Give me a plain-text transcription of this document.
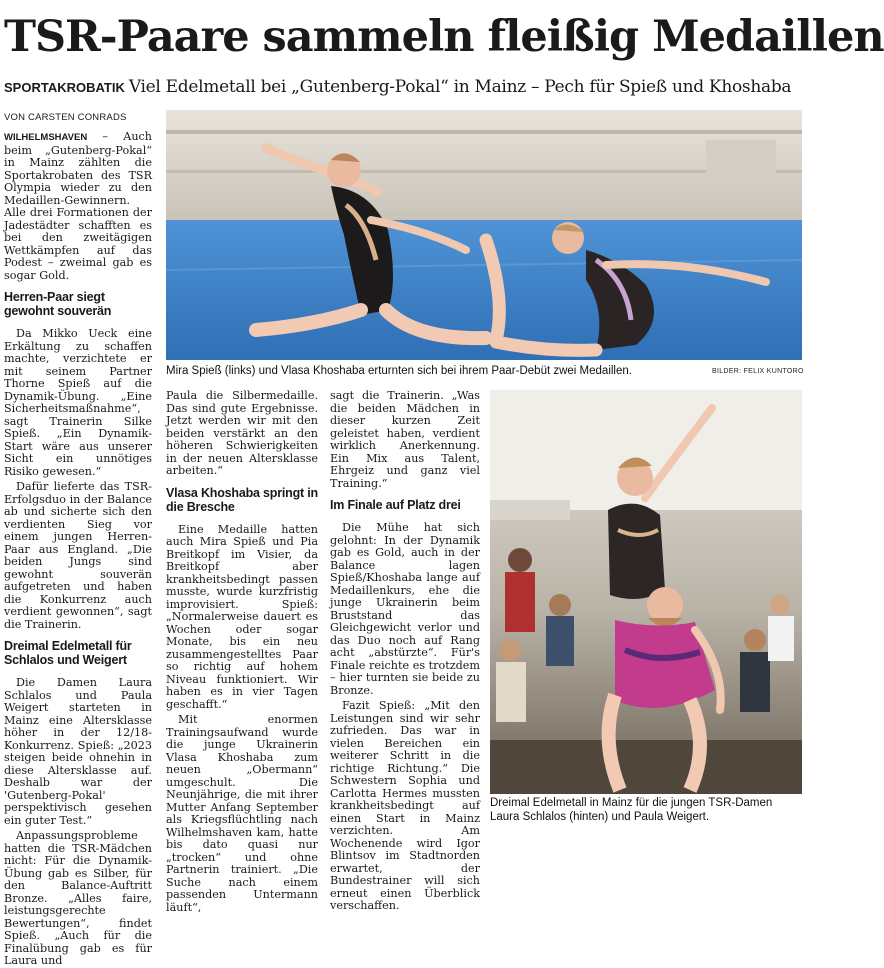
TSR-Paare sammeln fleißig Medaillen
SPORTAKROBATIK Viel Edelmetall bei „Gutenberg-Pokal“ in Mainz – Pech für Spieß und Khoshaba
VON CARSTEN CONRADS

WILHELMSHAVEN – Auch beim „Gutenberg-Pokal“ in Mainz zählten die Sportakrobaten des TSR Olympia wieder zu den Medaillen-Gewinnern. Alle drei Formationen der Jadestädter schafften es bei den zweitägigen Wettkämpfen auf das Podest – zweimal gab es sogar Gold.

Herren-Paar siegt gewohnt souverän

Da Mikko Ueck eine Erkältung zu schaffen machte, verzichtete er mit seinem Partner Thorne Spieß auf die Dynamik-Übung. „Eine Sicherheitsmaßnahme“, sagt Trainerin Silke Spieß. „Ein Dynamik-Start wäre aus unserer Sicht ein unnötiges Risiko gewesen.“

Dafür lieferte das TSR-Erfolgsduo in der Balance ab und sicherte sich den verdienten Sieg vor einem jungen Herren-Paar aus England. „Die beiden Jungs sind gewohnt souverän aufgetreten und haben die Konkurrenz auch verdient gewonnen“, sagt die Trainerin.

Dreimal Edelmetall für Schlalos und Weigert

Die Damen Laura Schlalos und Paula Weigert starteten in Mainz eine Altersklasse höher in der 12/18-Konkurrenz. Spieß: „2023 steigen beide ohnehin in diese Altersklasse auf. Deshalb war der 'Gutenberg-Pokal' perspektivisch gesehen ein guter Test.“

Anpassungsprobleme hatten die TSR-Mädchen nicht: Für die Dynamik-Übung gab es Silber, für den Balance-Auftritt Bronze. „Alles faire, leistungsgerechte Bewertungen“, findet Spieß. „Auch für die Finalübung gab es für Laura und

Mira Spieß (links) und Vlasa Khoshaba erturnten sich bei ihrem Paar-Debüt zwei Medaillen.	BILDER: FELIX KUNTORO

Paula die Silbermedaille. Das sind gute Ergebnisse. Jetzt werden wir mit den beiden verstärkt an den höheren Schwierigkeiten in der neuen Altersklasse arbeiten.“

Vlasa Khoshaba springt in die Bresche

Eine Medaille hatten auch Mira Spieß und Pia Breitkopf im Visier, da Breitkopf aber krankheitsbedingt passen musste, wurde kurzfristig improvisiert. Spieß: „Normalerweise dauert es Wochen oder sogar Monate, bis ein neu zusammengestelltes Paar so richtig auf hohem Niveau funktioniert. Wir haben es in vier Tagen geschafft.“

Mit enormen Trainingsaufwand wurde die junge Ukrainerin Vlasa Khoshaba zum neuen „Obermann“ umgeschult. Die Neunjährige, die mit ihrer Mutter Anfang September als Kriegsflüchtling nach Wilhelmshaven kam, hatte bis dato quasi nur „trocken“ und ohne Partnerin trainiert. „Die Suche nach einem passenden Untermann läuft“,

sagt die Trainerin. „Was die beiden Mädchen in dieser kurzen Zeit geleistet haben, verdient wirklich Anerkennung. Ein Mix aus Talent, Ehrgeiz und ganz viel Training.“

Im Finale auf Platz drei

Die Mühe hat sich gelohnt: In der Dynamik gab es Gold, auch in der Balance lagen Spieß/Khoshaba lange auf Medaillenkurs, ehe die junge Ukrainerin beim Bruststand das Gleichgewicht verlor und das Duo noch auf Rang acht „abstürzte“. Für's Finale reichte es trotzdem – hier turnten sie beide zu Bronze.

Fazit Spieß: „Mit den Leistungen sind wir sehr zufrieden. Das war in vielen Bereichen ein weiterer Schritt in die richtige Richtung.“ Die Schwestern Sophia und Carlotta Hermes mussten krankheitsbedingt auf einen Start in Mainz verzichten. Am Wochenende wird Igor Blintsov im Stadtnorden erwartet, der Bundestrainer will sich erneut einen Überblick verschaffen.

Dreimal Edelmetall in Mainz für die jungen TSR-Damen Laura Schlalos (hinten) und Paula Weigert.
